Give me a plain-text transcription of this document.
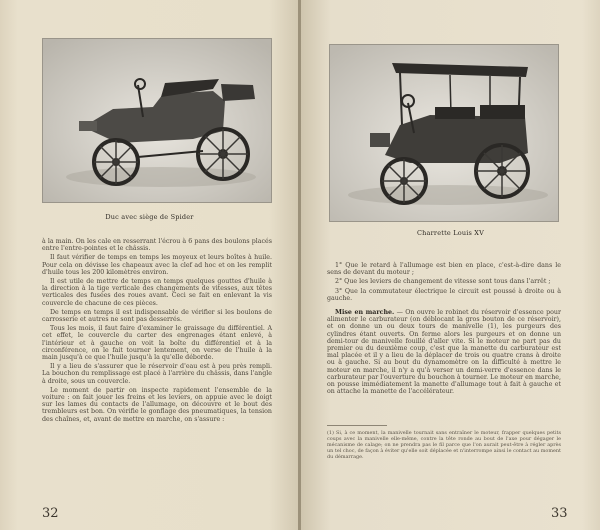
Duc avec siège de Spider

à la main. On les cale en resserrant l'écrou à 6 pans des boulons placés entre l'entre-pointes et le châssis.

Il faut vérifier de temps en temps les moyeux et leurs boîtes à huile. Pour cela on dévisse les chapeaux avec la clef ad hoc et on les remplit d'huile tous les 200 kilomètres environ.

Il est utile de mettre de temps en temps quelques gouttes d'huile à la direction à la tige verticale des changements de vitesses, aux têtes verticales des fusées des roues avant. Ceci se fait en enlevant la vis couvercle de chacune de ces pièces.

De temps en temps il est indispensable de vérifier si les boulons de carrosserie et autres ne sont pas desserrés.

Tous les mois, il faut faire d'examiner le graissage du différentiel. A cet effet, le couvercle du carter des engrenages étant enlevé, à l'intérieur et à gauche on voit la boîte du différentiel et à la circonférence, on le fait tourner lentement, on verse de l'huile à la main jusqu'à ce que l'huile jusqu'à la qu'elle déborde.

Il y a lieu de s'assurer que le réservoir d'eau est à peu près rempli. La bouchon du remplissage est placé à l'arrière du châssis, dans l'angle à droite, sous un couvercle.

Le moment de partir on inspecte rapidement l'ensemble de la voiture : on fait jouer les freins et les leviers, on appuie avec le doigt sur les lames du contacts de l'allumage, on découvre et le bout des trembleurs est bon. On vérifie le gonflage des pneumatiques, la tension des chaînes, et, avant de mettre en marche, on s'assure :

32
Charrette Louis XV

1° Que le retard à l'allumage est bien en place, c'est-à-dire dans le sens de devant du moteur ;

2° Que les leviers de changement de vitesse sont tous dans l'arrêt ;

3° Que la commutateur électrique le circuit est poussé à droite ou à gauche.

Mise en marche. — On ouvre le robinet du réservoir d'essence pour alimenter le carburateur (on déblocant la gros bouton de ce réservoir), et on donne un ou deux tours de manivelle (1), les purgeurs des cylindres étant ouverts. On ferme alors les purgeurs et on donne un demi-tour de manivelle fouillé d'aller vite. Si le moteur ne part pas du premier ou du deuxième coup, c'est que la manette du carburateur est mal placée et il y a lieu de la déplacer de trois ou quatre crans à droite ou à gauche. Si au bout du dynamomètre on la difficulté à mettre le moteur en marche, il n'y a qu'à verser un demi-verre d'essence dans le carburateur par l'ouverture du bouchon à tourner. Le moteur en marche, on pousse immédiatement la manette d'allumage tout à fait à gauche et on attache la manette de l'accélérateur.

(1) Si, à ce moment, la manivelle tournait sans entraîner le moteur, frapper quelques petits coups avec la manivelle elle-même, contre la tête ronde au bout de l'axe pour dégager le mécanisme de calage; on ne prendra pas le fil parce que l'on aurait peut-être à régler après un tel choc, de façon à éviter qu'elle soit déplacée et n'interrompe ainsi le contact au moment du démarrage.
33
